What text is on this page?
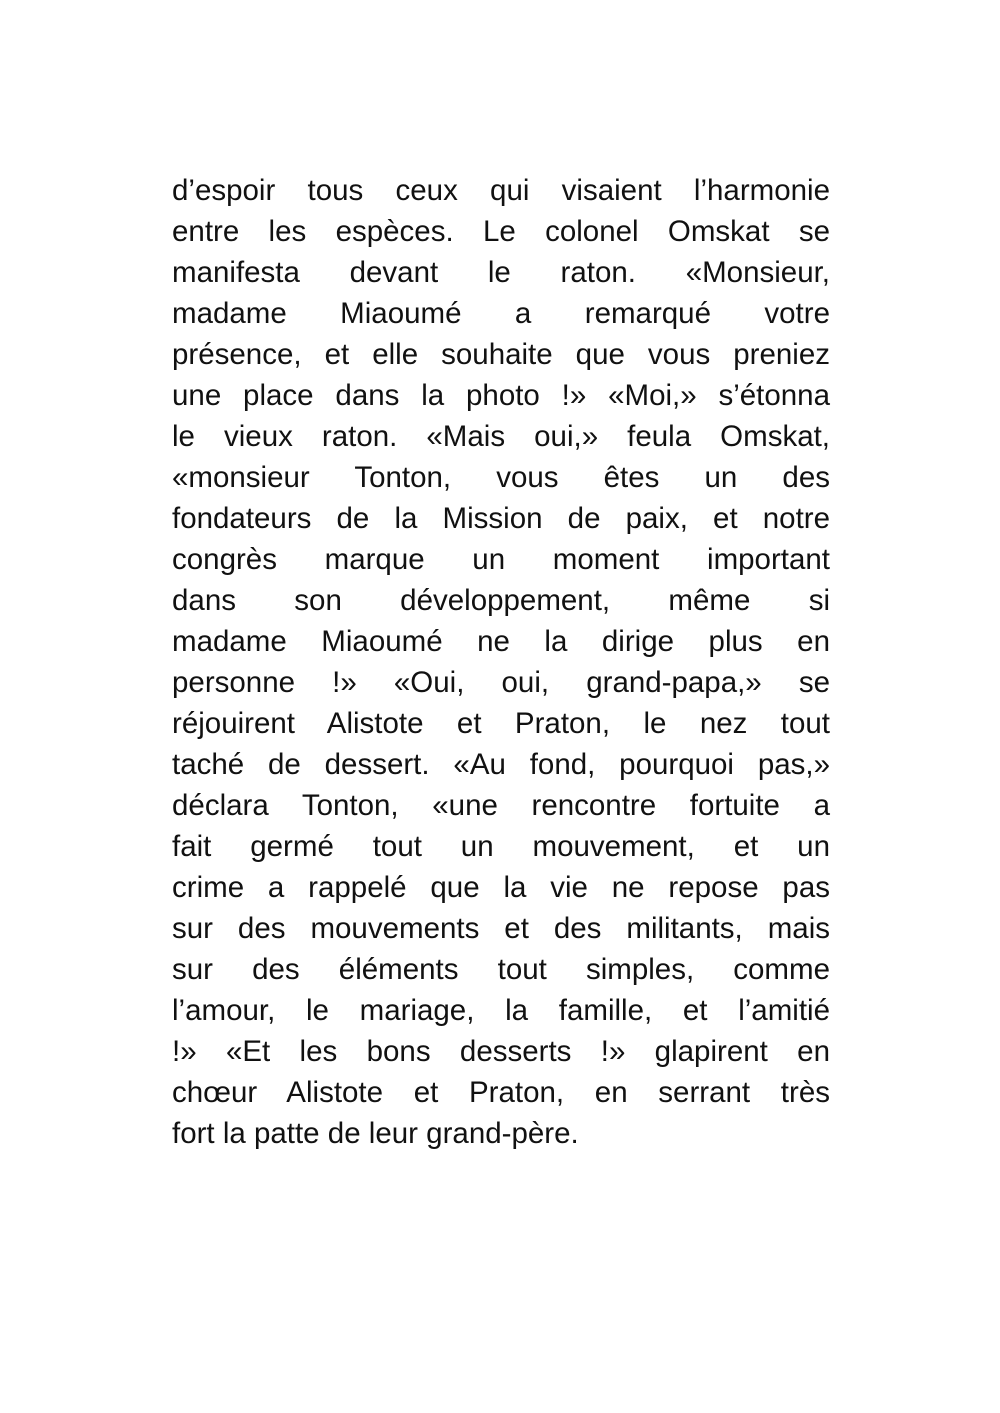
d’espoir tous ceux qui visaient l’harmonie
entre les espèces. Le colonel Omskat se
manifesta devant le raton. «Monsieur,
madame Miaoumé a remarqué votre
présence, et elle souhaite que vous preniez
une place dans la photo !» «Moi,» s’étonna
le vieux raton. «Mais oui,» feula Omskat,
«monsieur Tonton, vous êtes un des
fondateurs de la Mission de paix, et notre
congrès marque un moment important
dans son développement, même si
madame Miaoumé ne la dirige plus en
personne !» «Oui, oui, grand-papa,» se
réjouirent Alistote et Praton, le nez tout
taché de dessert. «Au fond, pourquoi pas,»
déclara Tonton, «une rencontre fortuite a
fait germé tout un mouvement, et un
crime a rappelé que la vie ne repose pas
sur des mouvements et des militants, mais
sur des éléments tout simples, comme
l’amour, le mariage, la famille, et l’amitié
!» «Et les bons desserts !» glapirent en
chœur Alistote et Praton, en serrant très
fort la patte de leur grand-père.
